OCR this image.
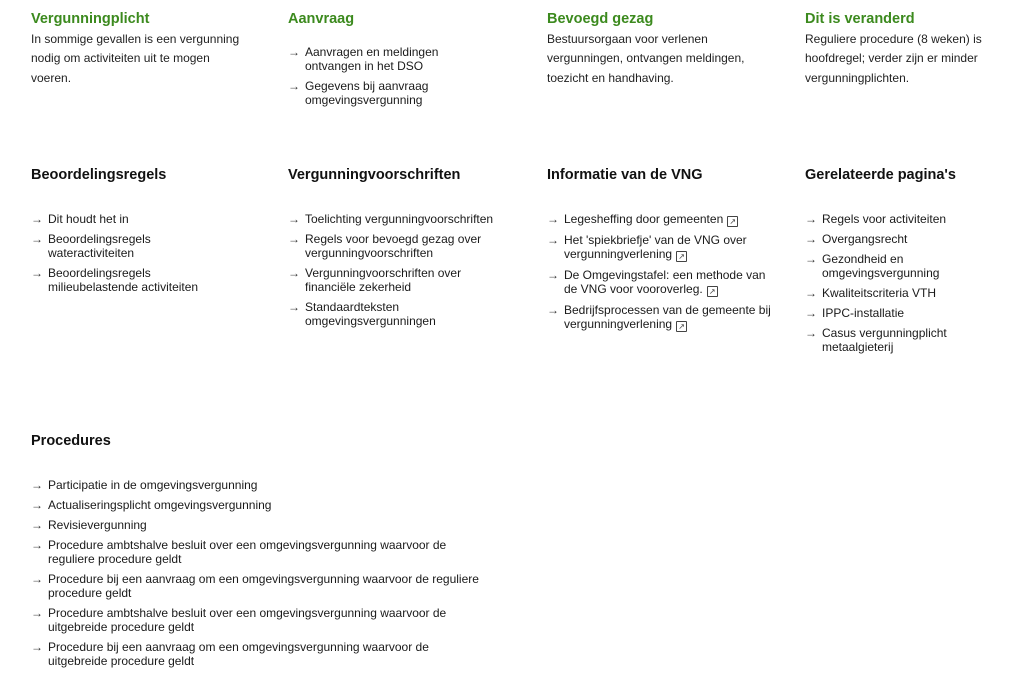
Vergunningplicht

In sommige gevallen is een vergunning nodig om activiteiten uit te mogen voeren.

Aanvraag
→ Aanvragen en meldingen ontvangen in het DSO
→ Gegevens bij aanvraag omgevingsvergunning
Bevoegd gezag

Bestuursorgaan voor verlenen vergunningen, ontvangen meldingen, toezicht en handhaving.

Dit is veranderd

Reguliere procedure (8 weken) is hoofdregel; verder zijn er minder vergunningplichten.

Beoordelingsregels
→ Dit houdt het in
→ Beoordelingsregels wateractiviteiten
→ Beoordelingsregels milieubelastende activiteiten
Vergunningvoorschriften
→ Toelichting vergunningvoorschriften
→ Regels voor bevoegd gezag over vergunningvoorschriften
→ Vergunningvoorschriften over financiële zekerheid
→ Standaardteksten omgevingsvergunningen
Informatie van de VNG
→ Legesheffing door gemeenten ↗
→ Het 'spiekbriefje' van de VNG over vergunningverlening ↗
→ De Omgevingstafel: een methode van de VNG voor vooroverleg. ↗
→ Bedrijfsprocessen van de gemeente bij vergunningverlening ↗
Gerelateerde pagina's
→ Regels voor activiteiten
→ Overgangsrecht
→ Gezondheid en omgevingsvergunning
→ Kwaliteitscriteria VTH
→ IPPC-installatie
→ Casus vergunningplicht metaalgieterij
Procedures
→ Participatie in de omgevingsvergunning
→ Actualiseringsplicht omgevingsvergunning
→ Revisievergunning
→ Procedure ambtshalve besluit over een omgevingsvergunning waarvoor de reguliere procedure geldt
→ Procedure bij een aanvraag om een omgevingsvergunning waarvoor de reguliere procedure geldt
→ Procedure ambtshalve besluit over een omgevingsvergunning waarvoor de uitgebreide procedure geldt
→ Procedure bij een aanvraag om een omgevingsvergunning waarvoor de uitgebreide procedure geldt
